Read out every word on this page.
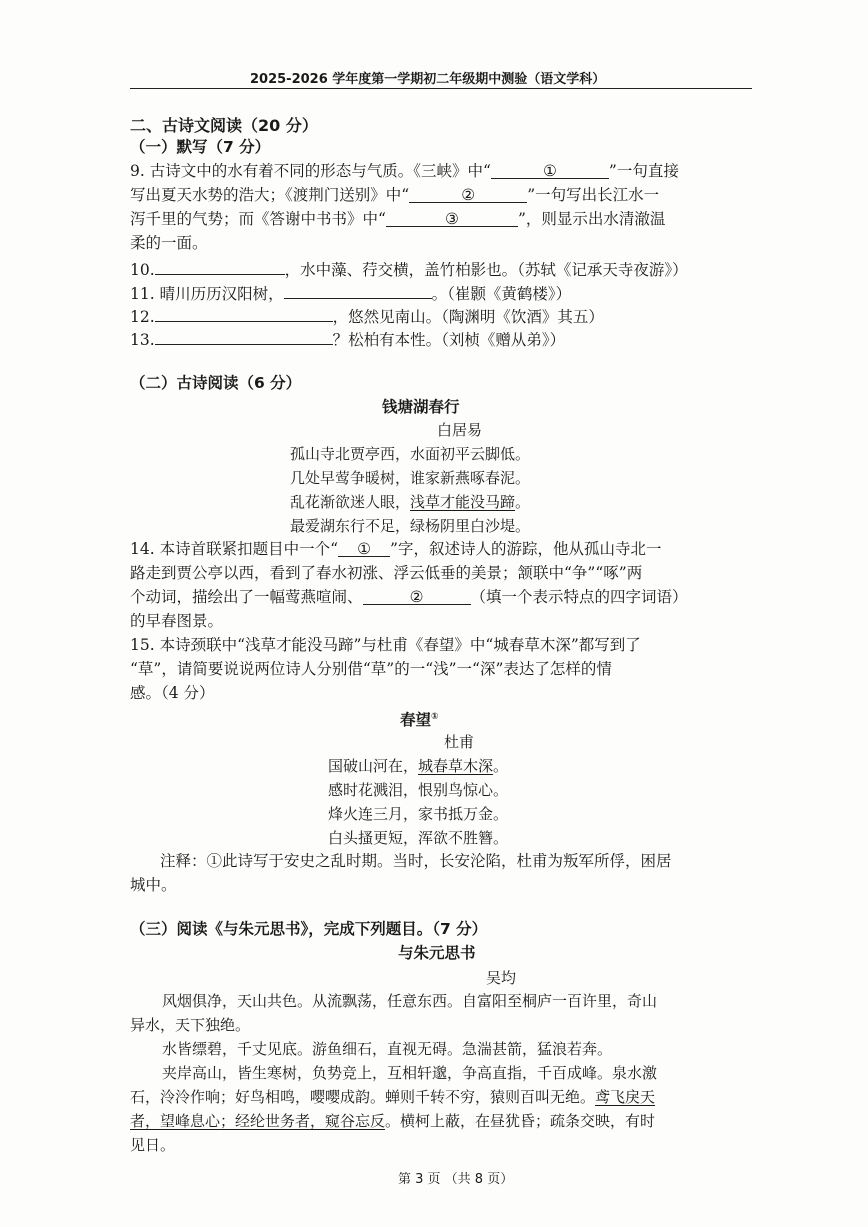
2025-2026 学年度第一学期初二年级期中测验（语文学科）
二、古诗文阅读（20 分）
（一）默写（7 分）
9. 古诗文中的水有着不同的形态与气质。《三峡》中“	①	”一句直接
写出夏天水势的浩大；《渡荆门送别》中“	②	”一句写出长江水一
泻千里的气势；而《答谢中书书》中“	③	”，则显示出水清澈温
柔的一面。
10.	，水中藻、荇交横，盖竹柏影也。（苏轼《记承天寺夜游》）
11. 晴川历历汉阳树，	。（崔颢《黄鹤楼》）
12.	，悠然见南山。（陶渊明《饮酒》其五）
13.	？松柏有本性。（刘桢《赠从弟》）
（二）古诗阅读（6 分）
钱塘湖春行
白居易
孤山寺北贾亭西，水面初平云脚低。
几处早莺争暖树，谁家新燕啄春泥。
乱花渐欲迷人眼，浅草才能没马蹄。
最爱湖东行不足，绿杨阴里白沙堤。
14. 本诗首联紧扣题目中一个“ ① ”字，叙述诗人的游踪，他从孤山寺北一
路走到贾公亭以西，看到了春水初涨、浮云低垂的美景；颔联中“争”“啄”两
个动词，描绘出了一幅莺燕喧闹、	②	（填一个表示特点的四字词语）
的早春图景。
15. 本诗颈联中“浅草才能没马蹄”与杜甫《春望》中“城春草木深”都写到了
“草”，请简要说说两位诗人分别借“草”的一“浅”一“深”表达了怎样的情
感。（4 分）
春望①
杜甫
国破山河在，城春草木深。
感时花溅泪，恨别鸟惊心。
烽火连三月，家书抵万金。
白头搔更短，浑欲不胜簪。
注释：①此诗写于安史之乱时期。当时，长安沦陷，杜甫为叛军所俘，困居
城中。
（三）阅读《与朱元思书》，完成下列题目。（7 分）
与朱元思书
吴均
风烟俱净，天山共色。从流飘荡，任意东西。自富阳至桐庐一百许里，奇山
异水，天下独绝。
水皆缥碧，千丈见底。游鱼细石，直视无碍。急湍甚箭，猛浪若奔。
夹岸高山，皆生寒树，负势竞上，互相轩邈，争高直指，千百成峰。泉水激
石，泠泠作响；好鸟相鸣，嘤嘤成韵。蝉则千转不穷，猿则百叫无绝。鸢飞戾天
者，望峰息心；经纶世务者，窥谷忘反。横柯上蔽，在昼犹昏；疏条交映，有时
见日。
第 3 页 （共 8 页）
